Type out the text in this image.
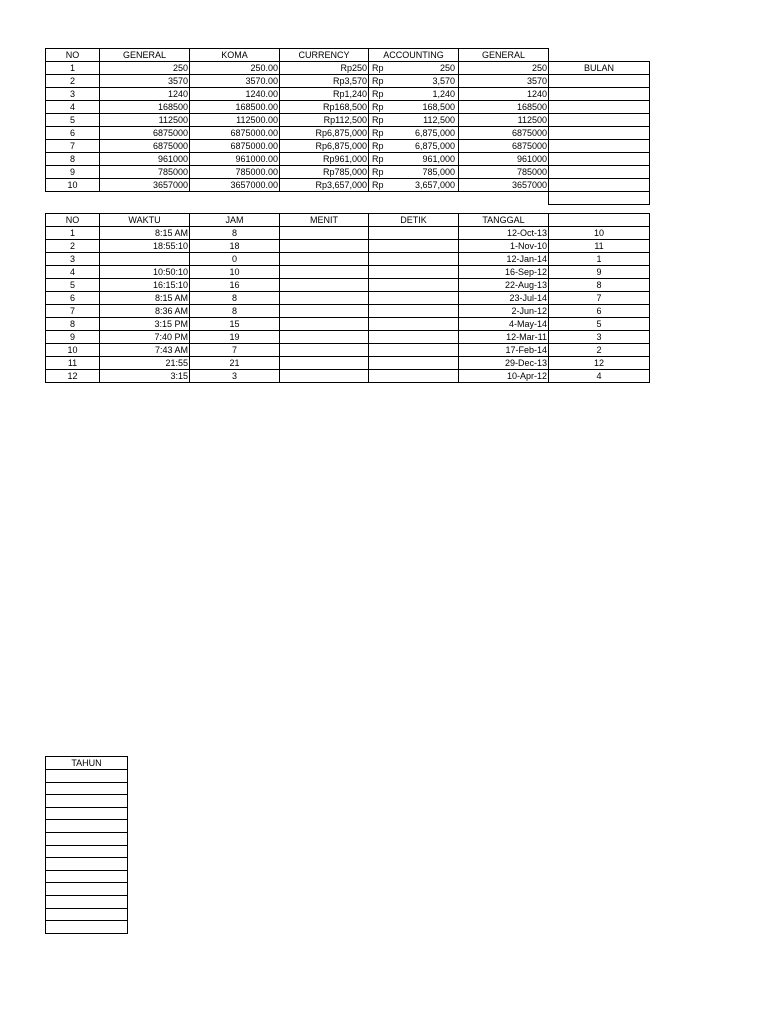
NO	GENERAL	KOMA	CURRENCY	ACCOUNTING	GENERAL	
1	250	250.00	Rp250	Rp 250	250	BULAN
2	3570	3570.00	Rp3,570	Rp 3,570	3570	
3	1240	1240.00	Rp1,240	Rp 1,240	1240	
4	168500	168500.00	Rp168,500	Rp 168,500	168500	
5	112500	112500.00	Rp112,500	Rp 112,500	112500	
6	6875000	6875000.00	Rp6,875,000	Rp 6,875,000	6875000	
7	6875000	6875000.00	Rp6,875,000	Rp 6,875,000	6875000	
8	961000	961000.00	Rp961,000	Rp 961,000	961000	
9	785000	785000.00	Rp785,000	Rp 785,000	785000	
10	3657000	3657000.00	Rp3,657,000	Rp 3,657,000	3657000	

NO	WAKTU	JAM	MENIT	DETIK	TANGGAL	
1	8:15 AM	8			12-Oct-13	10
2	18:55:10	18			1-Nov-10	11
3		0			12-Jan-14	1
4	10:50:10	10			16-Sep-12	9
5	16:15:10	16			22-Aug-13	8
6	8:15 AM	8			23-Jul-14	7
7	8:36 AM	8			2-Jun-12	6
8	3:15 PM	15			4-May-14	5
9	7:40 PM	19			12-Mar-11	3
10	7:43 AM	7			17-Feb-14	2
11	21:55	21			29-Dec-13	12
12	3:15	3			10-Apr-12	4
TAHUN
